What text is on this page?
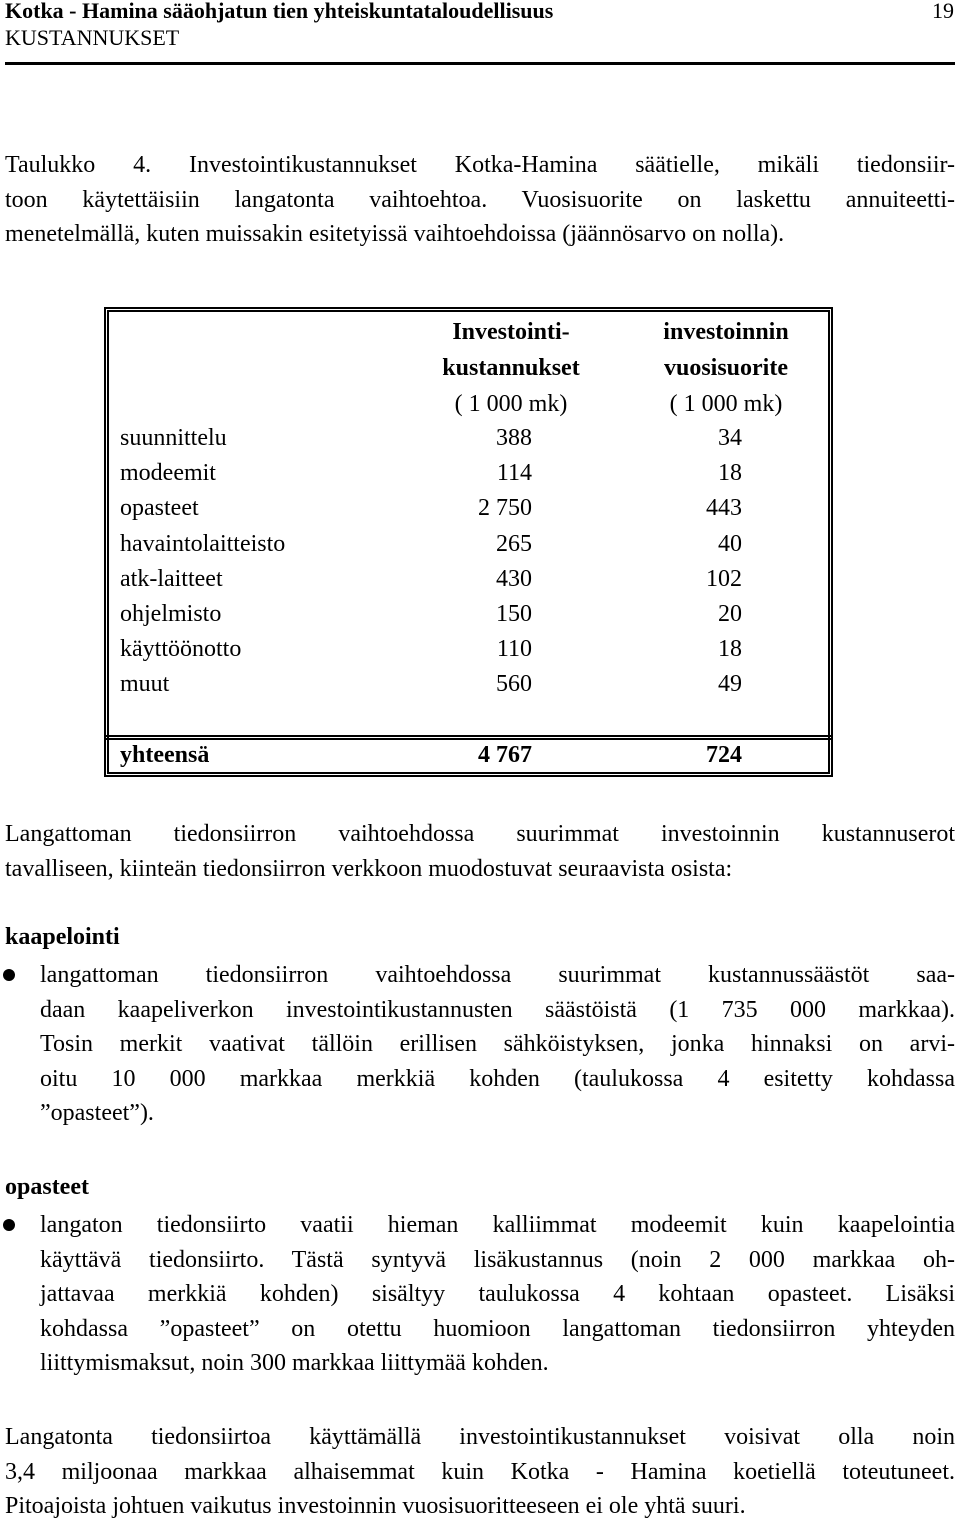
Kotka - Hamina sääohjatun tien yhteiskuntataloudellisuus
KUSTANNUKSET
19
Taulukko 4. Investointikustannukset Kotka-Hamina säätielle, mikäli tiedonsiir-
toon käytettäisiin langatonta vaihtoehtoa. Vuosisuorite on laskettu annuiteetti-
menetelmällä, kuten muissakin esitetyissä vaihtoehdoissa (jäännösarvo on nolla).
Investointi-
kustannukset
( 1 000 mk)
investoinnin
vuosisuorite
( 1 000 mk)
suunnittelu
modeemit
opasteet
havaintolaitteisto
atk-laitteet
ohjelmisto
käyttöönotto
muut
388
114
2 750
265
430
150
110
560
34
18
443
40
102
20
18
49
yhteensä	4 767	724
Langattoman tiedonsiirron vaihtoehdossa suurimmat investoinnin kustannuserot
tavalliseen, kiinteän tiedonsiirron verkkoon muodostuvat seuraavista osista:
kaapelointi
langattoman tiedonsiirron vaihtoehdossa suurimmat kustannussäästöt saa-
daan kaapeliverkon investointikustannusten säästöistä (1 735 000 markkaa).
Tosin merkit vaativat tällöin erillisen sähköistyksen, jonka hinnaksi on arvi-
oitu 10 000 markkaa merkkiä kohden (taulukossa 4 esitetty kohdassa
”opasteet”).
opasteet
langaton tiedonsiirto vaatii hieman kalliimmat modeemit kuin kaapelointia
käyttävä tiedonsiirto. Tästä syntyvä lisäkustannus (noin 2 000 markkaa oh-
jattavaa merkkiä kohden) sisältyy taulukossa 4 kohtaan opasteet. Lisäksi
kohdassa ”opasteet” on otettu huomioon langattoman tiedonsiirron yhteyden
liittymismaksut, noin 300 markkaa liittymää kohden.
Langatonta tiedonsiirtoa käyttämällä investointikustannukset voisivat olla noin
3,4 miljoonaa markkaa alhaisemmat kuin Kotka - Hamina koetiellä toteutuneet.
Pitoajoista johtuen vaikutus investoinnin vuosisuoritteeseen ei ole yhtä suuri.
